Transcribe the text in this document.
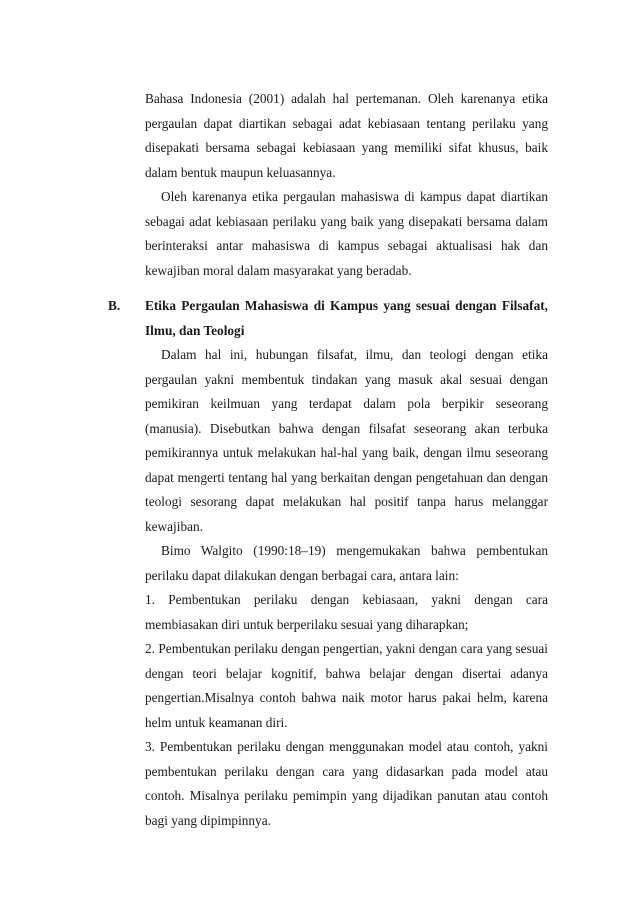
Bahasa Indonesia (2001) adalah hal pertemanan. Oleh karenanya etika pergaulan dapat diartikan sebagai adat kebiasaan tentang perilaku yang disepakati bersama sebagai kebiasaan yang memiliki sifat khusus, baik dalam bentuk maupun keluasannya.

Oleh karenanya etika pergaulan mahasiswa di kampus dapat diartikan sebagai adat kebiasaan perilaku yang baik yang disepakati bersama dalam berinteraksi antar mahasiswa di kampus sebagai aktualisasi hak dan kewajiban moral dalam masyarakat yang beradab.

B. Etika Pergaulan Mahasiswa di Kampus yang sesuai dengan Filsafat, Ilmu, dan Teologi

Dalam hal ini, hubungan filsafat, ilmu, dan teologi dengan etika pergaulan yakni membentuk tindakan yang masuk akal sesuai dengan pemikiran keilmuan yang terdapat dalam pola berpikir seseorang (manusia). Disebutkan bahwa dengan filsafat seseorang akan terbuka pemikirannya untuk melakukan hal-hal yang baik, dengan ilmu seseorang dapat mengerti tentang hal yang berkaitan dengan pengetahuan dan dengan teologi sesorang dapat melakukan hal positif tanpa harus melanggar kewajiban.

Bimo Walgito (1990:18–19) mengemukakan bahwa pembentukan perilaku dapat dilakukan dengan berbagai cara, antara lain:

1. Pembentukan perilaku dengan kebiasaan, yakni dengan cara membiasakan diri untuk berperilaku sesuai yang diharapkan;

2. Pembentukan perilaku dengan pengertian, yakni dengan cara yang sesuai dengan teori belajar kognitif, bahwa belajar dengan disertai adanya pengertian.Misalnya contoh bahwa naik motor harus pakai helm, karena helm untuk keamanan diri.

3. Pembentukan perilaku dengan menggunakan model atau contoh, yakni pembentukan perilaku dengan cara yang didasarkan pada model atau contoh. Misalnya perilaku pemimpin yang dijadikan panutan atau contoh bagi yang dipimpinnya.
